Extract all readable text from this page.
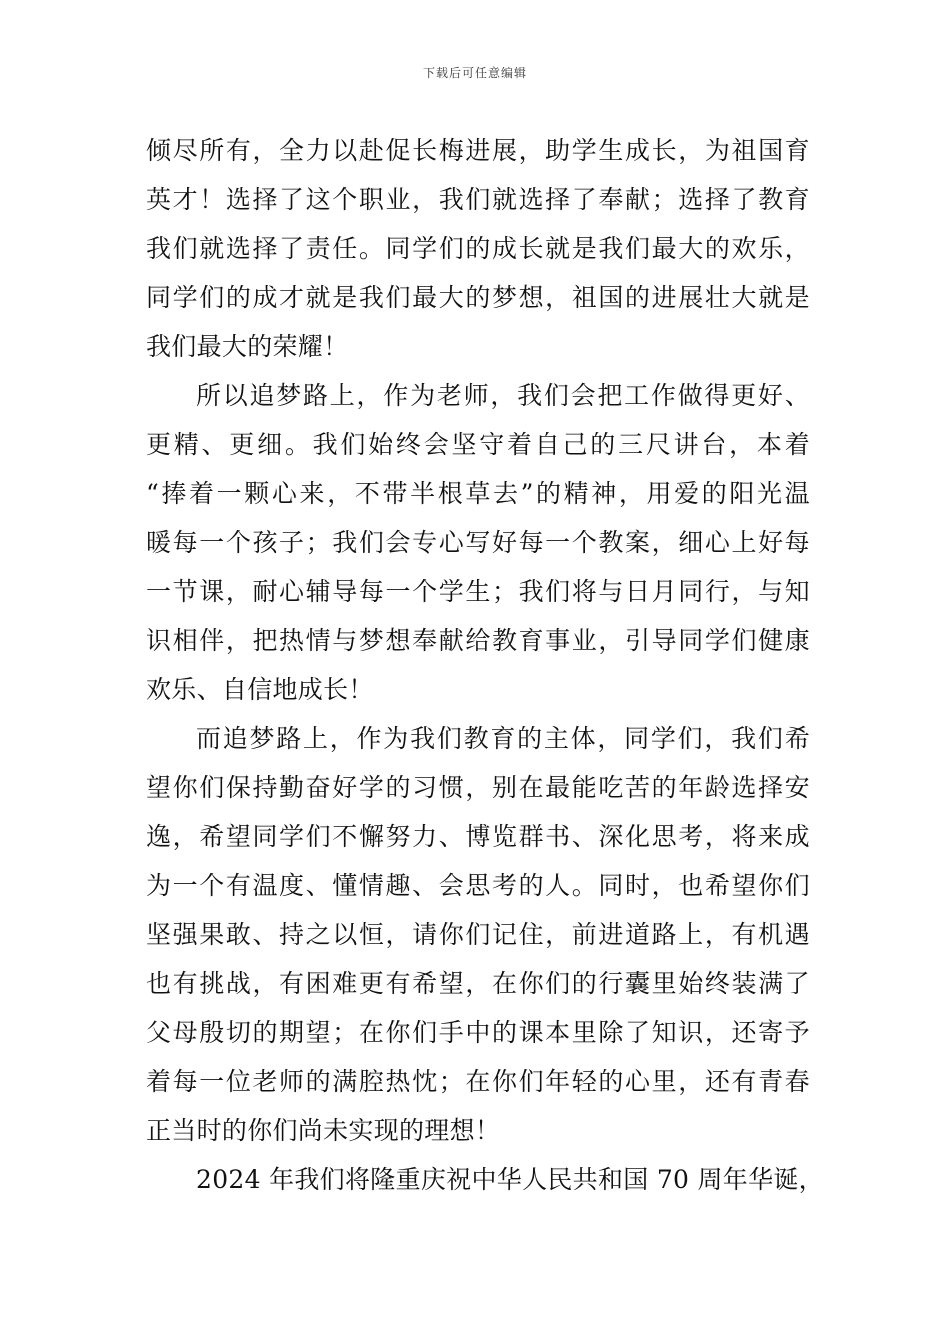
下载后可任意编辑
倾尽所有，全力以赴促长梅进展，助学生成长，为祖国育
英才！选择了这个职业，我们就选择了奉献；选择了教育
我们就选择了责任。同学们的成长就是我们最大的欢乐，
同学们的成才就是我们最大的梦想，祖国的进展壮大就是
我们最大的荣耀！
所以追梦路上，作为老师，我们会把工作做得更好、
更精、更细。我们始终会坚守着自己的三尺讲台，本着
“捧着一颗心来，不带半根草去”的精神，用爱的阳光温
暖每一个孩子；我们会专心写好每一个教案，细心上好每
一节课，耐心辅导每一个学生；我们将与日月同行，与知
识相伴，把热情与梦想奉献给教育事业，引导同学们健康
欢乐、自信地成长！
而追梦路上，作为我们教育的主体，同学们，我们希
望你们保持勤奋好学的习惯，别在最能吃苦的年龄选择安
逸，希望同学们不懈努力、博览群书、深化思考，将来成
为一个有温度、懂情趣、会思考的人。同时，也希望你们
坚强果敢、持之以恒，请你们记住，前进道路上，有机遇
也有挑战，有困难更有希望，在你们的行囊里始终装满了
父母殷切的期望；在你们手中的课本里除了知识，还寄予
着每一位老师的满腔热忱；在你们年轻的心里，还有青春
正当时的你们尚未实现的理想！
2024 年我们将隆重庆祝中华人民共和国 70 周年华诞，
